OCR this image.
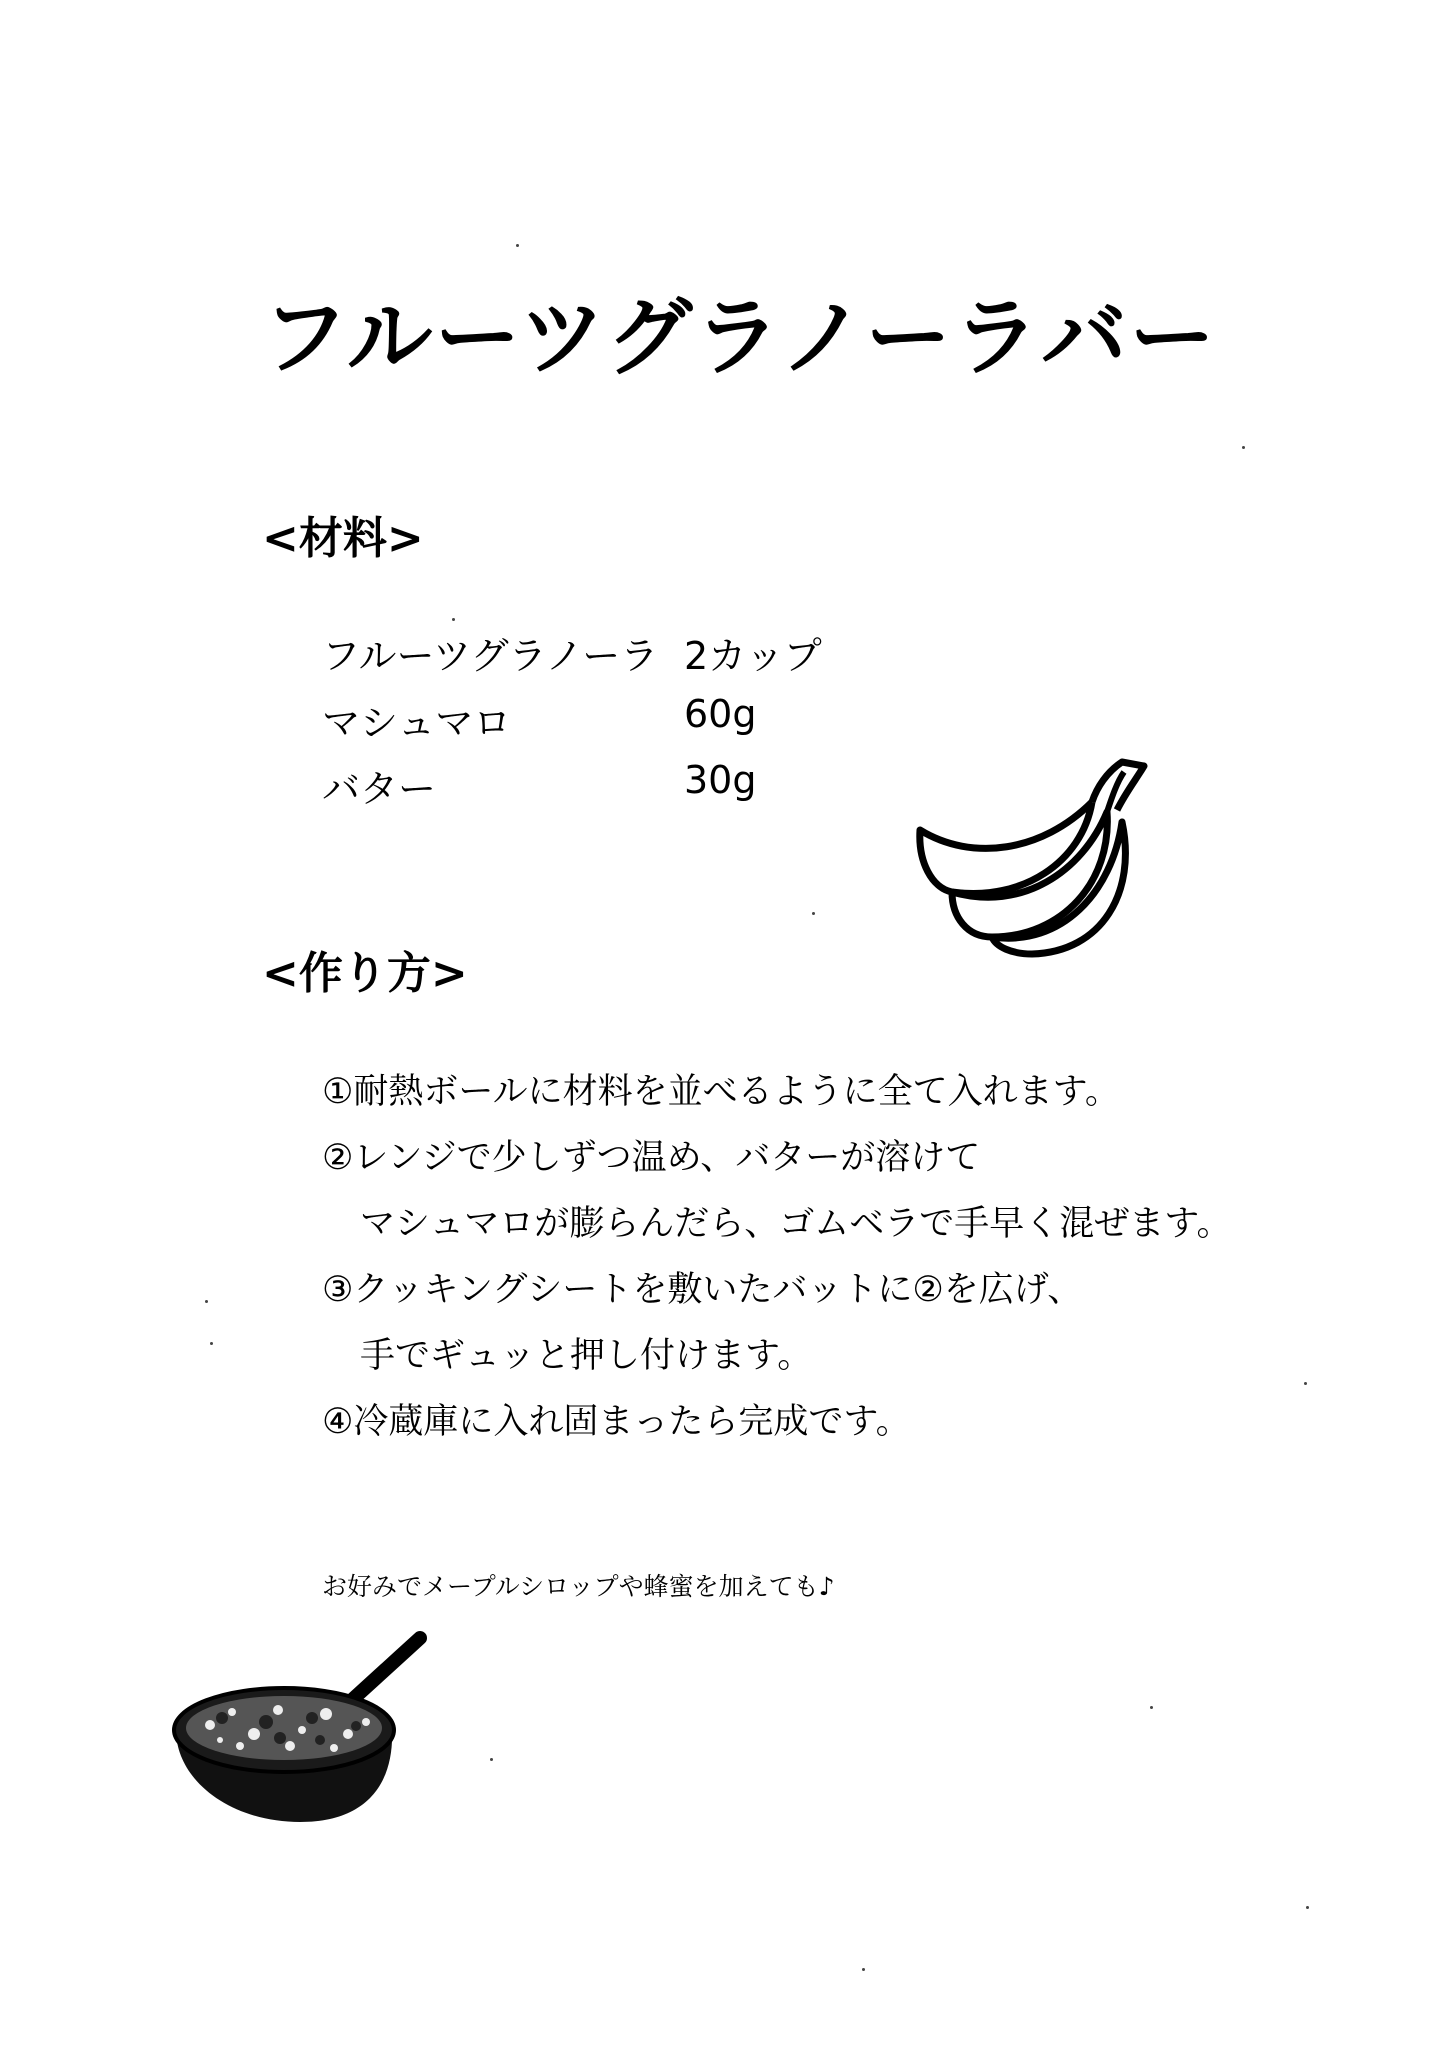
フルーツグラノーラバー
<材料>
フルーツグラノーラ 2カップ
マシュマロ	60g
バター	30g
<作り方>
①耐熱ボールに材料を並べるように全て入れます。
②レンジで少しずつ温め、バターが溶けて
マシュマロが膨らんだら、ゴムベラで手早く混ぜます。
③クッキングシートを敷いたバットに②を広げ、
手でギュッと押し付けます。
④冷蔵庫に入れ固まったら完成です。
お好みでメープルシロップや蜂蜜を加えても♪
